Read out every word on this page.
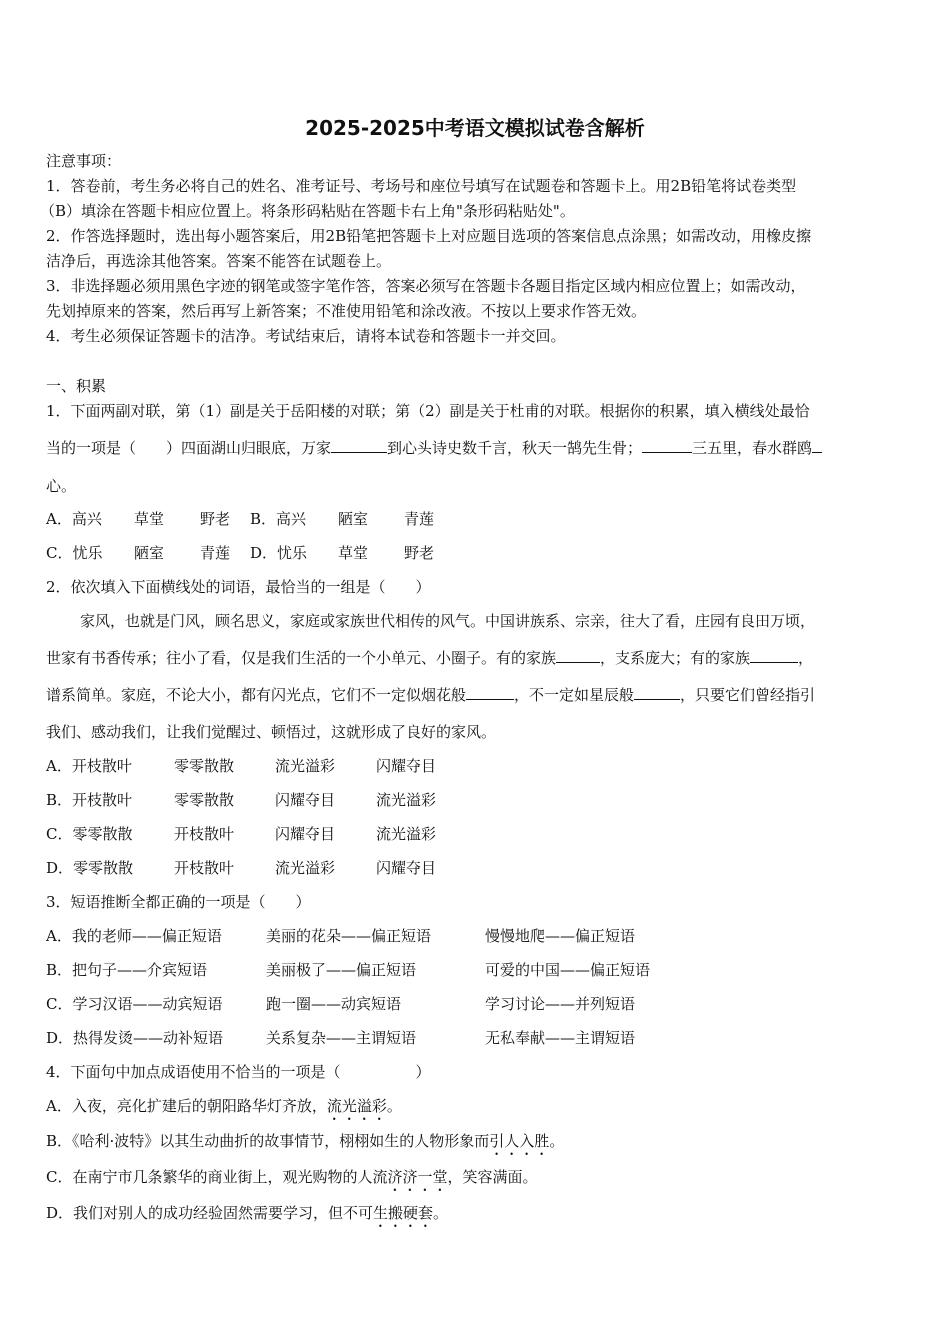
2025-2025中考语文模拟试卷含解析
注意事项：
1．答卷前，考生务必将自己的姓名、准考证号、考场号和座位号填写在试题卷和答题卡上。用2B铅笔将试卷类型
（B）填涂在答题卡相应位置上。将条形码粘贴在答题卡右上角"条形码粘贴处"。
2．作答选择题时，选出每小题答案后，用2B铅笔把答题卡上对应题目选项的答案信息点涂黑；如需改动，用橡皮擦
洁净后，再选涂其他答案。答案不能答在试题卷上。
3．非选择题必须用黑色字迹的钢笔或签字笔作答，答案必须写在答题卡各题目指定区域内相应位置上；如需改动，
先划掉原来的答案，然后再写上新答案；不准使用铅笔和涂改液。不按以上要求作答无效。
4．考生必须保证答题卡的洁净。考试结束后，请将本试卷和答题卡一并交回。
一、积累
1．下面两副对联，第（1）副是关于岳阳楼的对联；第（2）副是关于杜甫的对联。根据你的积累，填入横线处最恰
当的一项是（　　）四面湖山归眼底，万家	到心头诗史数千言，秋天一鹄先生骨；	三五里，春水群鸥
心。
A．高兴 草堂 野老 B．高兴 陋室 青莲
C．忧乐 陋室 青莲 D．忧乐 草堂 野老
2．依次填入下面横线处的词语，最恰当的一组是（　　）
家风，也就是门风，顾名思义，家庭或家族世代相传的风气。中国讲族系、宗亲，往大了看，庄园有良田万顷，
世家有书香传承；往小了看，仅是我们生活的一个小单元、小圈子。有的家族	，支系庞大；有的家族	，
谱系简单。家庭，不论大小，都有闪光点，它们不一定似烟花般	，不一定如星辰般	，只要它们曾经指引
我们、感动我们，让我们觉醒过、顿悟过，这就形成了良好的家风。
A．开枝散叶	零零散散	流光溢彩	闪耀夺目
B．开枝散叶	零零散散	闪耀夺目	流光溢彩
C．零零散散	开枝散叶	闪耀夺目	流光溢彩
D．零零散散	开枝散叶	流光溢彩	闪耀夺目
3．短语推断全都正确的一项是（　　）
A．我的老师——偏正短语	美丽的花朵——偏正短语	慢慢地爬——偏正短语
B．把句子——介宾短语	美丽极了——偏正短语	可爱的中国——偏正短语
C．学习汉语——动宾短语	跑一圈——动宾短语	学习讨论——并列短语
D．热得发烫——动补短语	关系复杂——主谓短语	无私奉献——主谓短语
4．下面句中加点成语使用不恰当的一项是（　　　　　）
A．入夜，亮化扩建后的朝阳路华灯齐放，流光溢彩。
B．《哈利·波特》以其生动曲折的故事情节，栩栩如生的人物形象而引人入胜。
C．在南宁市几条繁华的商业街上，观光购物的人流济济一堂，笑容满面。
D．我们对别人的成功经验固然需要学习，但不可生搬硬套。
